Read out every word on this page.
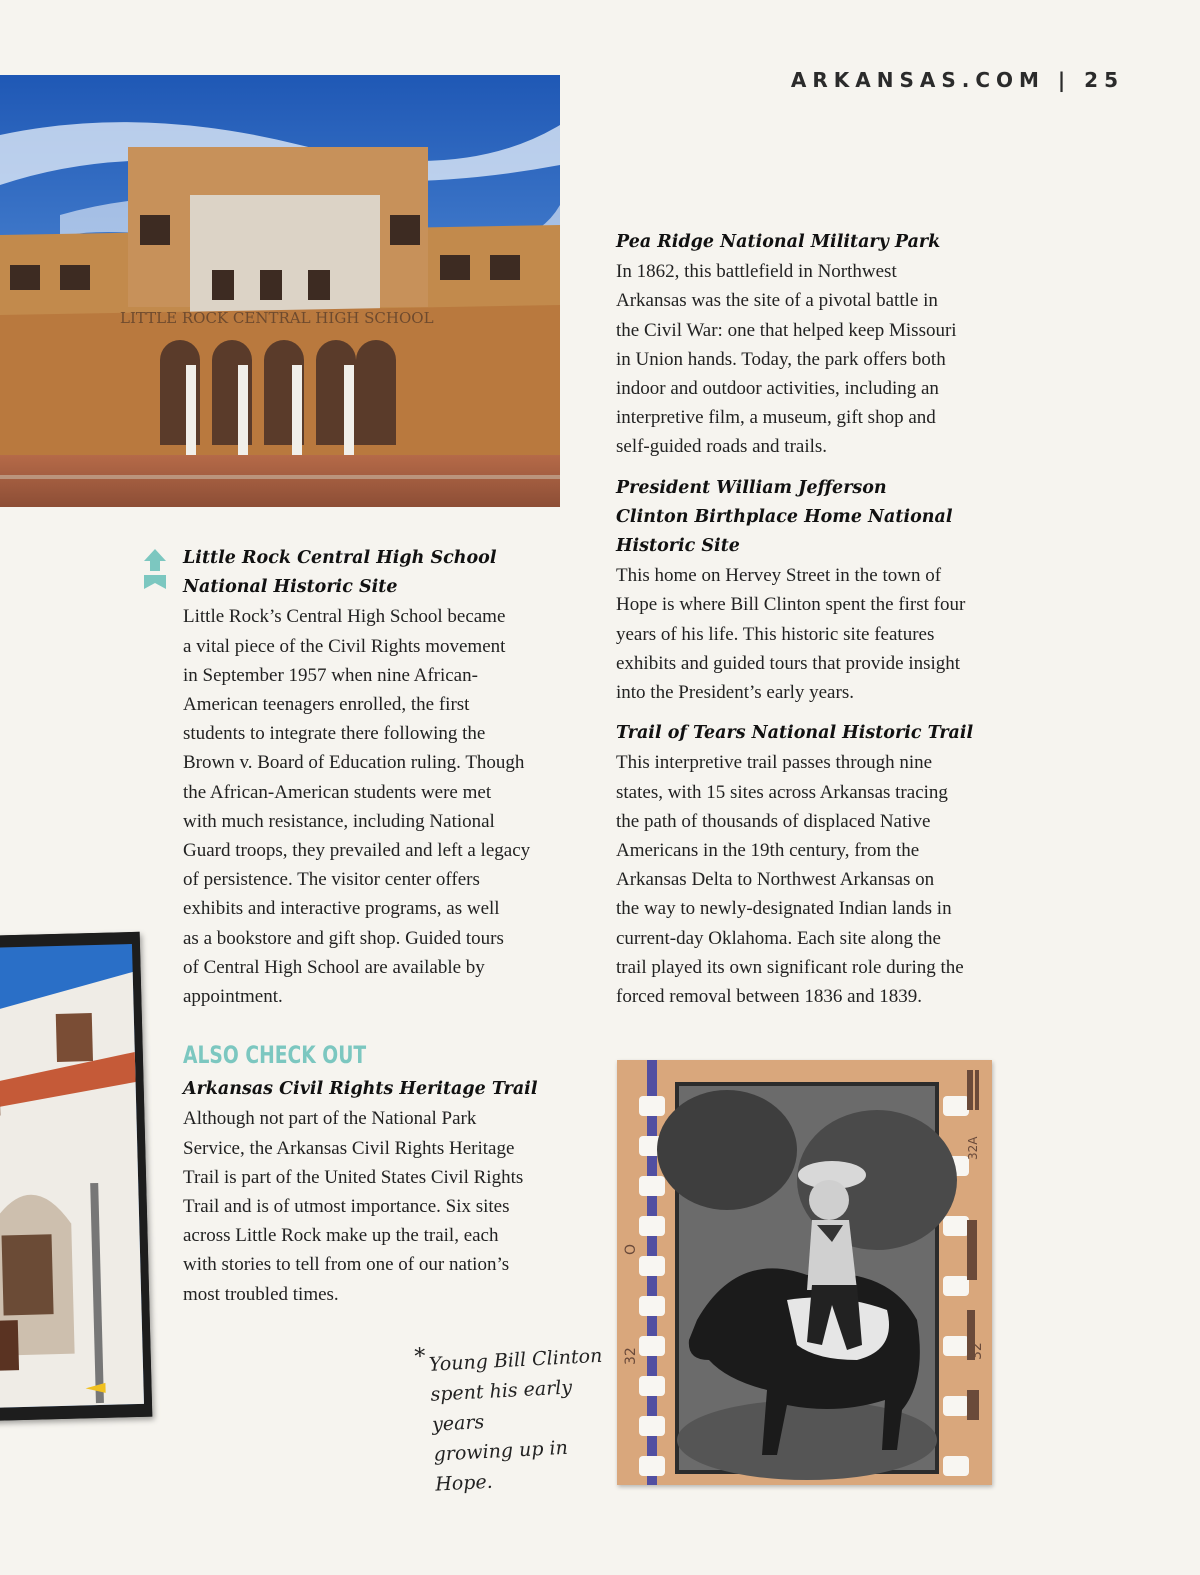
ARKANSAS.COM | 25
LITTLE ROCK CENTRAL HIGH SCHOOL
Little Rock Central High School
National Historic Site

Little Rock’s Central High School became

a vital piece of the Civil Rights movement

in September 1957 when nine African-

American teenagers enrolled, the first

students to integrate there following the

Brown v. Board of Education ruling. Though

the African-American students were met

with much resistance, including National

Guard troops, they prevailed and left a legacy

of persistence. The visitor center offers

exhibits and interactive programs, as well

as a bookstore and gift shop. Guided tours

of Central High School are available by

appointment.

ALSO CHECK OUT
Arkansas Civil Rights Heritage Trail

Although not part of the National Park

Service, the Arkansas Civil Rights Heritage

Trail is part of the United States Civil Rights

Trail and is of utmost importance. Six sites

across Little Rock make up the trail, each

with stories to tell from one of our nation’s

most troubled times.

Pea Ridge National Military Park

In 1862, this battlefield in Northwest

Arkansas was the site of a pivotal battle in

the Civil War: one that helped keep Missouri

in Union hands. Today, the park offers both

indoor and outdoor activities, including an

interpretive film, a museum, gift shop and

self-guided roads and trails.

President William Jefferson
Clinton Birthplace Home National
Historic Site

This home on Hervey Street in the town of

Hope is where Bill Clinton spent the first four

years of his life. This historic site features

exhibits and guided tours that provide insight

into the President’s early years.

Trail of Tears National Historic Trail

This interpretive trail passes through nine

states, with 15 sites across Arkansas tracing

the path of thousands of displaced Native

Americans in the 19th century, from the

Arkansas Delta to Northwest Arkansas on

the way to newly-designated Indian lands in

current-day Oklahoma. Each site along the

trail played its own significant role during the

forced removal between 1836 and 1839.

32A
32
32
O
* Young Bill Clinton
spent his early years
growing up in Hope.
